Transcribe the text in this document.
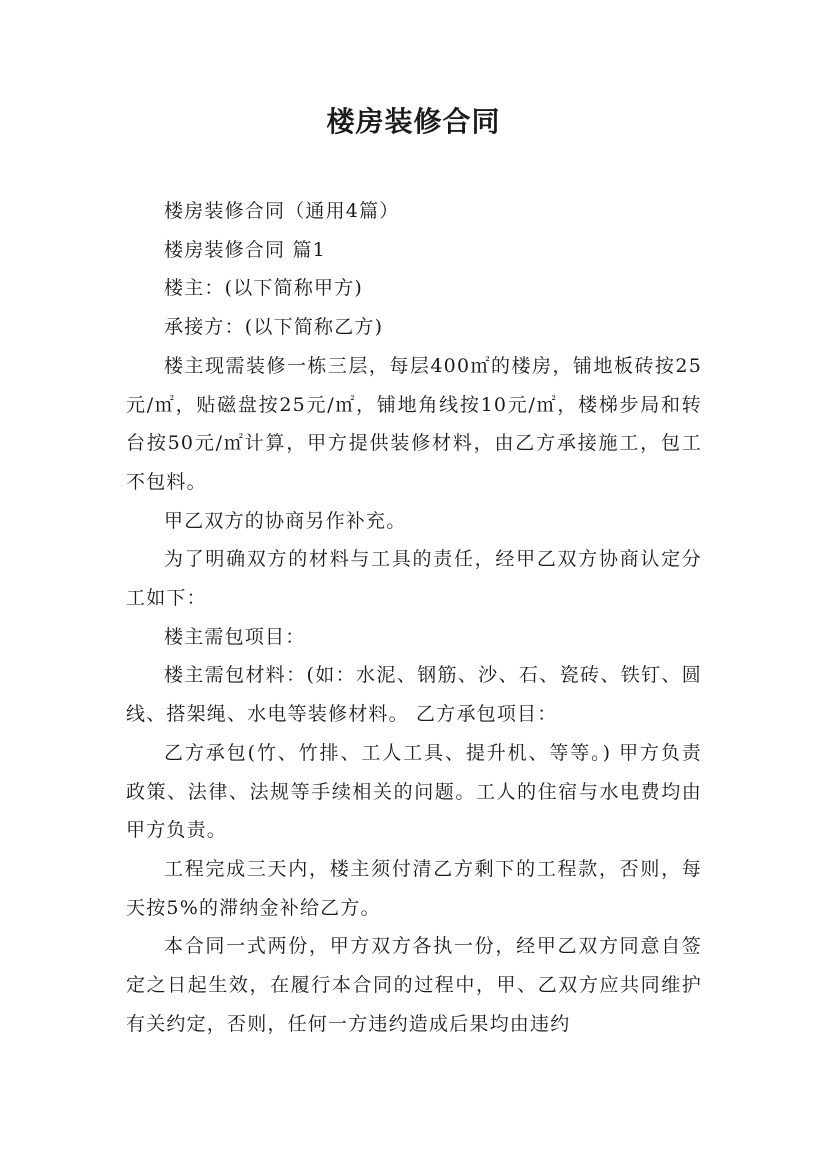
楼房装修合同

楼房装修合同（通用4篇）

楼房装修合同 篇1

楼主：(以下简称甲方)

承接方：(以下简称乙方)

楼主现需装修一栋三层，每层400㎡的楼房，铺地板砖按25元/㎡，贴磁盘按25元/㎡，铺地角线按10元/㎡，楼梯步局和转台按50元/㎡计算，甲方提供装修材料，由乙方承接施工，包工不包料。

甲乙双方的协商另作补充。

为了明确双方的材料与工具的责任，经甲乙双方协商认定分工如下：

楼主需包项目：

楼主需包材料：(如：水泥、钢筋、沙、石、瓷砖、铁钉、圆线、搭架绳、水电等装修材料。 乙方承包项目：

乙方承包(竹、竹排、工人工具、提升机、等等。) 甲方负责政策、法律、法规等手续相关的问题。工人的住宿与水电费均由甲方负责。

工程完成三天内，楼主须付清乙方剩下的工程款，否则，每天按5%的滞纳金补给乙方。

本合同一式两份，甲方双方各执一份，经甲乙双方同意自签定之日起生效，在履行本合同的过程中，甲、乙双方应共同维护有关约定，否则，任何一方违约造成后果均由违约
